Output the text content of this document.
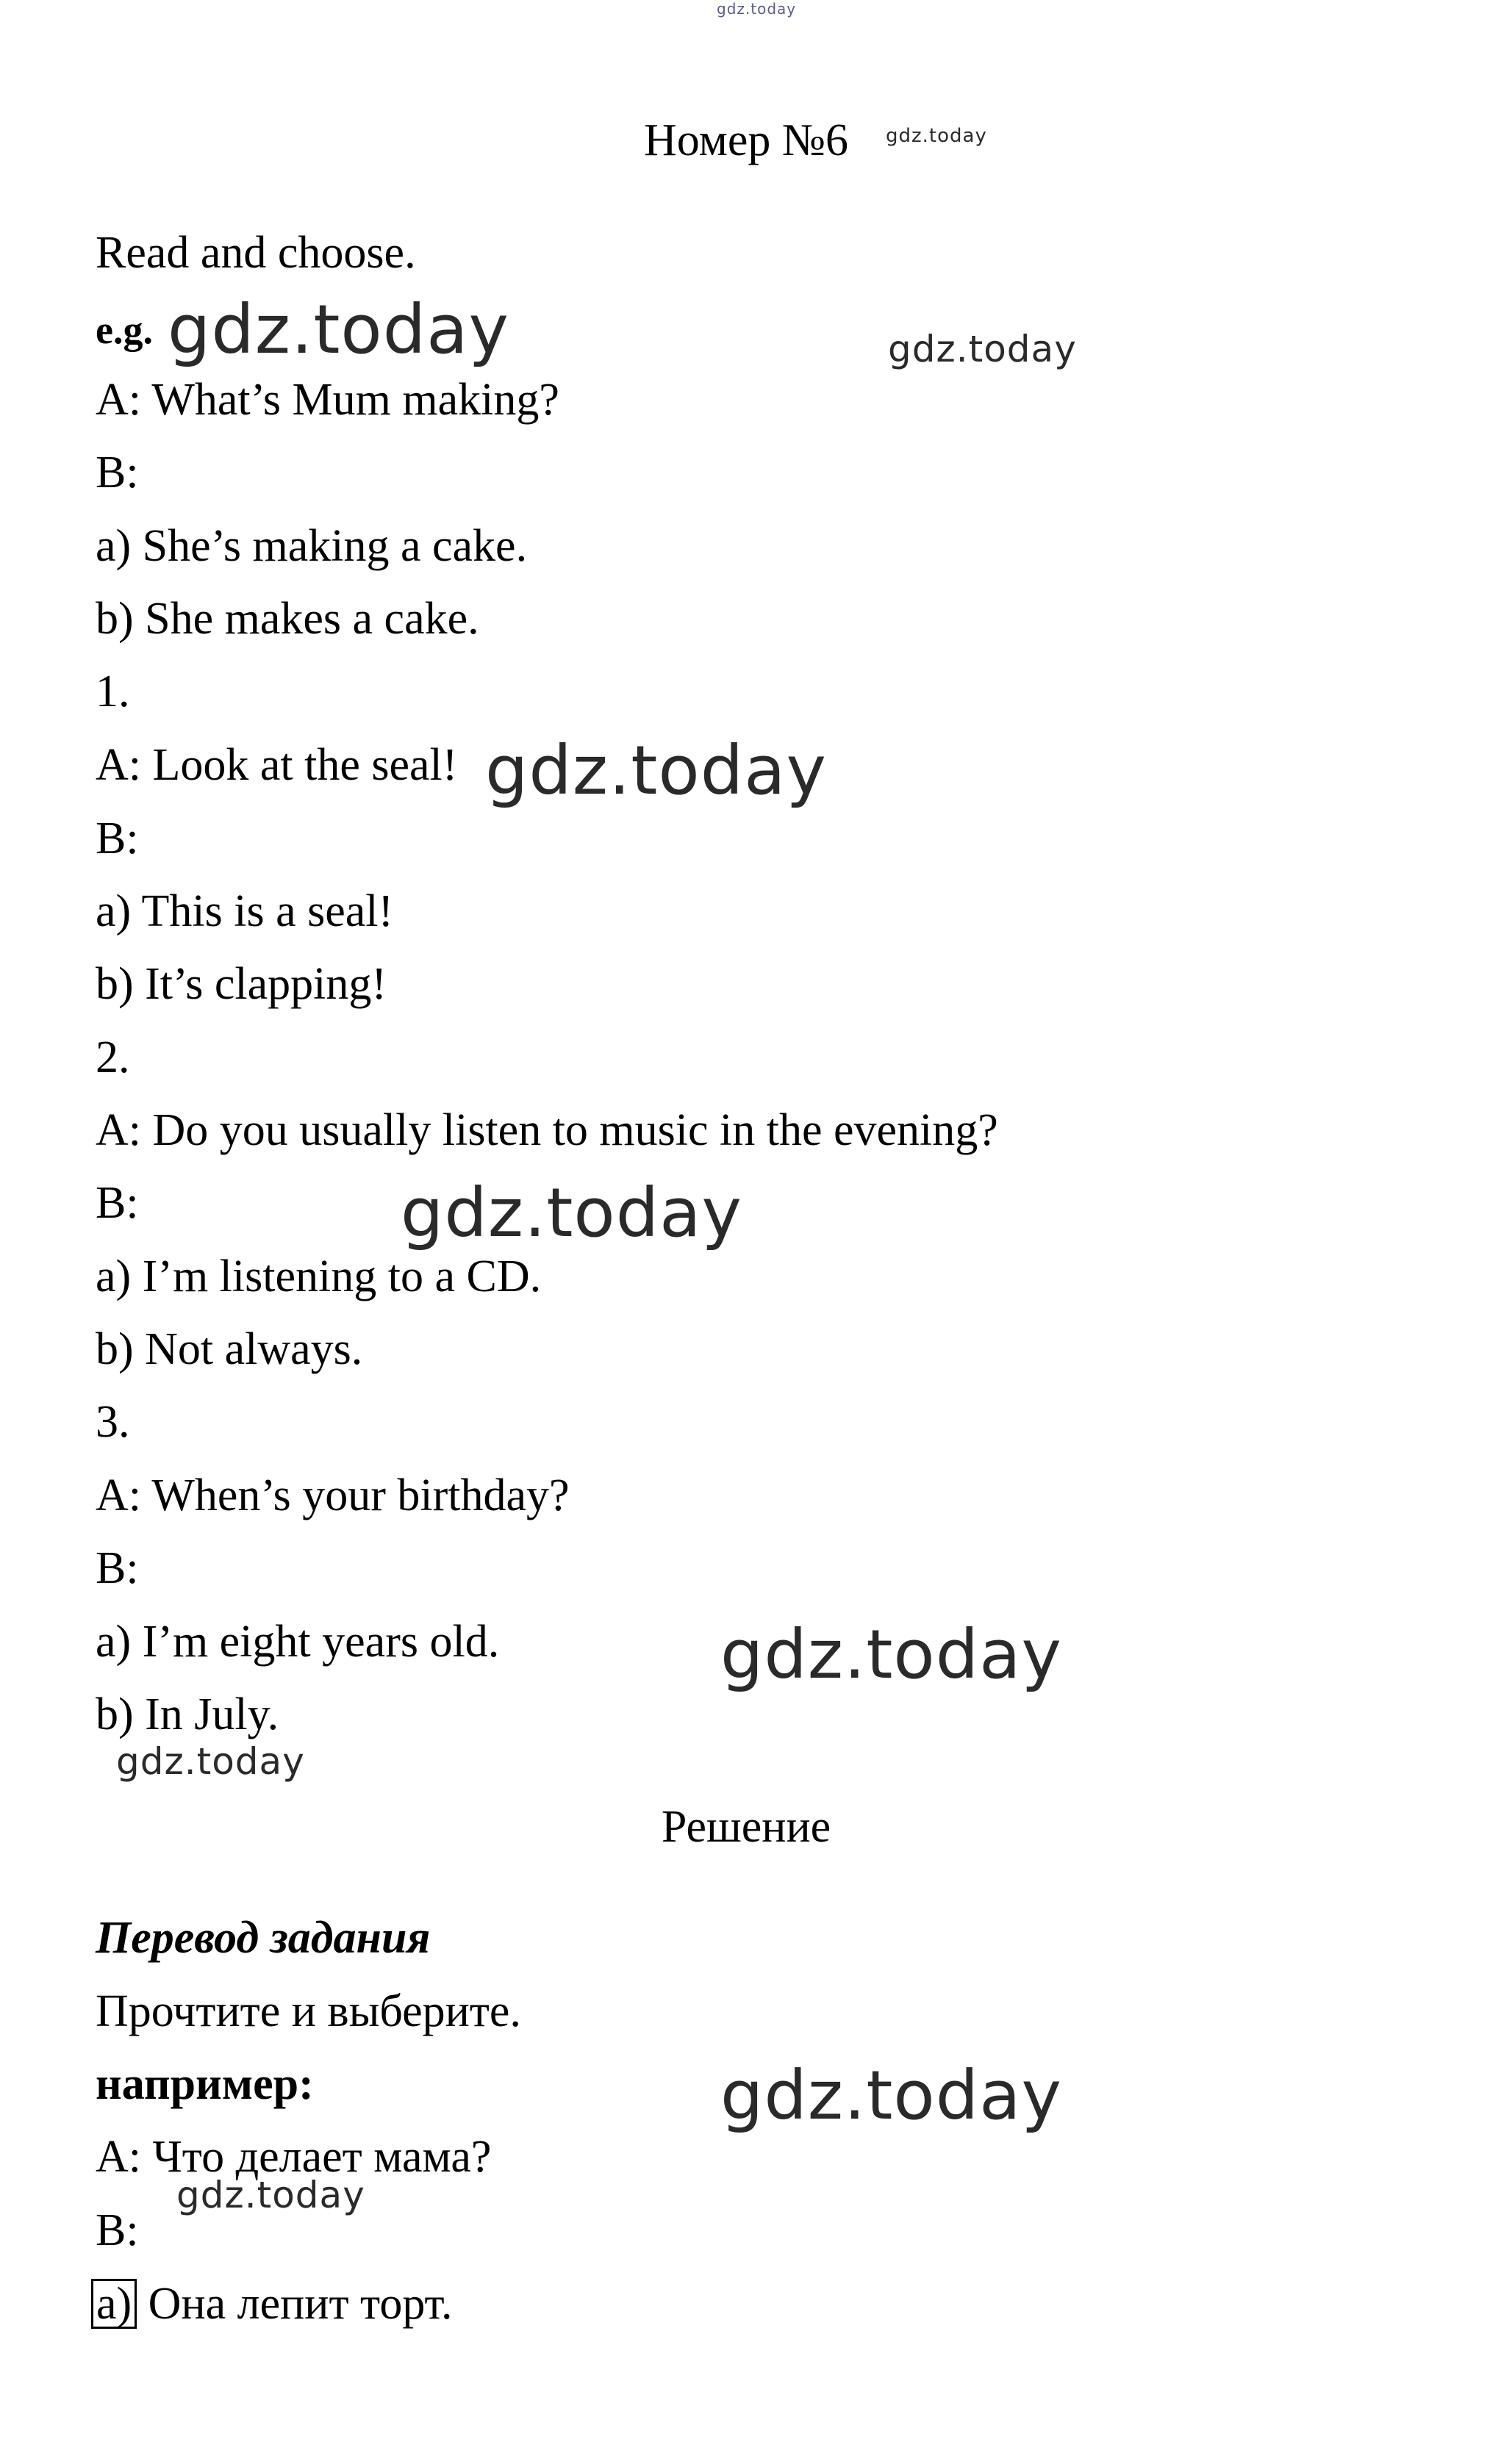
gdz.today
Номер №6	gdz.today
Read and choose.
e.g. gdz.today	gdz.today
A: What’s Mum making?
B:
a) She’s making a cake.
b) She makes a cake.
1.
A: Look at the seal! gdz.today
B:
a) This is a seal!
b) It’s clapping!
2.
A: Do you usually listen to music in the evening?
B:	gdz.today
a) I’m listening to a CD.
b) Not always.
3.
A: When’s your birthday?
B:
a) I’m eight years old.	gdz.today
b) In July.
gdz.today
Решение
Перевод задания
Прочтите и выберите.
например:	gdz.today
A: Что делает мама?
gdz.today
B:
a) Она лепит торт.
